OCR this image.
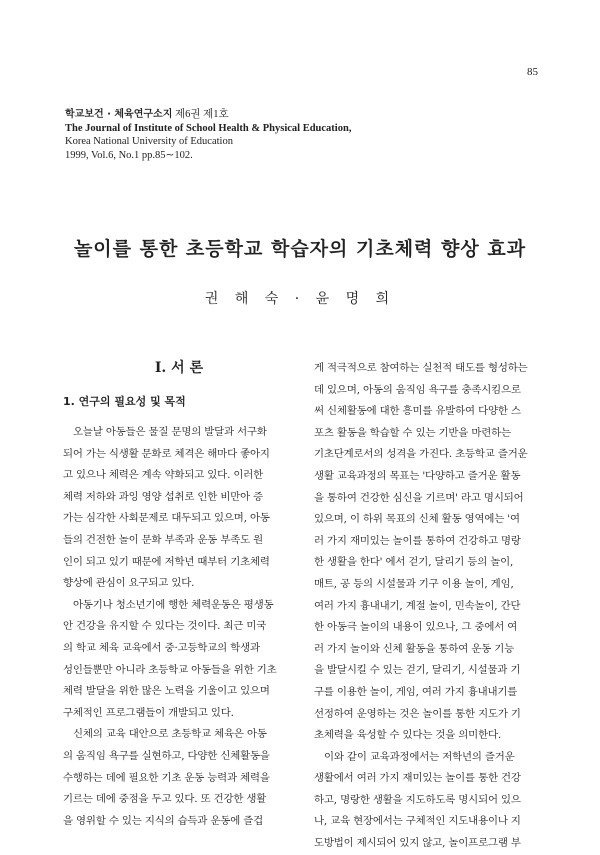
85
학교보건 · 체육연구소지 제6권 제1호
The Journal of Institute of School Health & Physical Education,
Korea National University of Education
1999, Vol.6, No.1 pp.85∼102.
놀이를 통한 초등학교 학습자의 기초체력 향상 효과
권 해 숙 · 윤 명 희
Ⅰ. 서 론
1. 연구의 필요성 및 목적

오늘날 아동들은 물질 문명의 발달과 서구화
되어 가는 식생활 문화로 체격은 해마다 좋아지
고 있으나 체력은 계속 약화되고 있다. 이러한
체력 저하와 과잉 영양 섭취로 인한 비만아 증
가는 심각한 사회문제로 대두되고 있으며, 아동
들의 건전한 놀이 문화 부족과 운동 부족도 원
인이 되고 있기 때문에 저학년 때부터 기초체력
향상에 관심이 요구되고 있다.

아동기나 청소년기에 행한 체력운동은 평생동
안 건강을 유지할 수 있다는 것이다. 최근 미국
의 학교 체육 교육에서 중·고등학교의 학생과
성인들뿐만 아니라 초등학교 아동들을 위한 기초
체력 발달을 위한 많은 노력을 기울이고 있으며
구체적인 프로그램들이 개발되고 있다.

신체의 교육 대안으로 초등학교 체육은 아동
의 움직임 욕구를 실현하고, 다양한 신체활동을
수행하는 데에 필요한 기초 운동 능력과 체력을
기르는 데에 중점을 두고 있다. 또 건강한 생활
을 영위할 수 있는 지식의 습득과 운동에 즐겁

게 적극적으로 참여하는 실천적 태도를 형성하는
데 있으며, 아동의 움직임 욕구를 충족시킴으로
써 신체활동에 대한 흥미를 유발하여 다양한 스
포츠 활동을 학습할 수 있는 기반을 마련하는
기초단계로서의 성격을 가진다. 초등학교 즐거운
생활 교육과정의 목표는 '다양하고 즐거운 활동
을 통하여 건강한 심신을 기르며' 라고 명시되어
있으며, 이 하위 목표의 신체 활동 영역에는 '여
러 가지 재미있는 놀이를 통하여 건강하고 명랑
한 생활을 한다' 에서 걷기, 달리기 등의 놀이,
매트, 공 등의 시설물과 기구 이용 놀이, 게임,
여러 가지 흉내내기, 계절 놀이, 민속놀이, 간단
한 아동극 놀이의 내용이 있으나, 그 중에서 여
러 가지 놀이와 신체 활동을 통하여 운동 기능
을 발달시킬 수 있는 걷기, 달리기, 시설물과 기
구를 이용한 놀이, 게임, 여러 가지 흉내내기를
선정하여 운영하는 것은 놀이를 통한 지도가 기
초체력을 육성할 수 있다는 것을 의미한다.

이와 같이 교육과정에서는 저학년의 즐거운
생활에서 여러 가지 재미있는 놀이를 통한 건강
하고, 명랑한 생활을 지도하도록 명시되어 있으
나, 교육 현장에서는 구체적인 지도내용이나 지
도방법이 제시되어 있지 않고, 놀이프로그램 부
